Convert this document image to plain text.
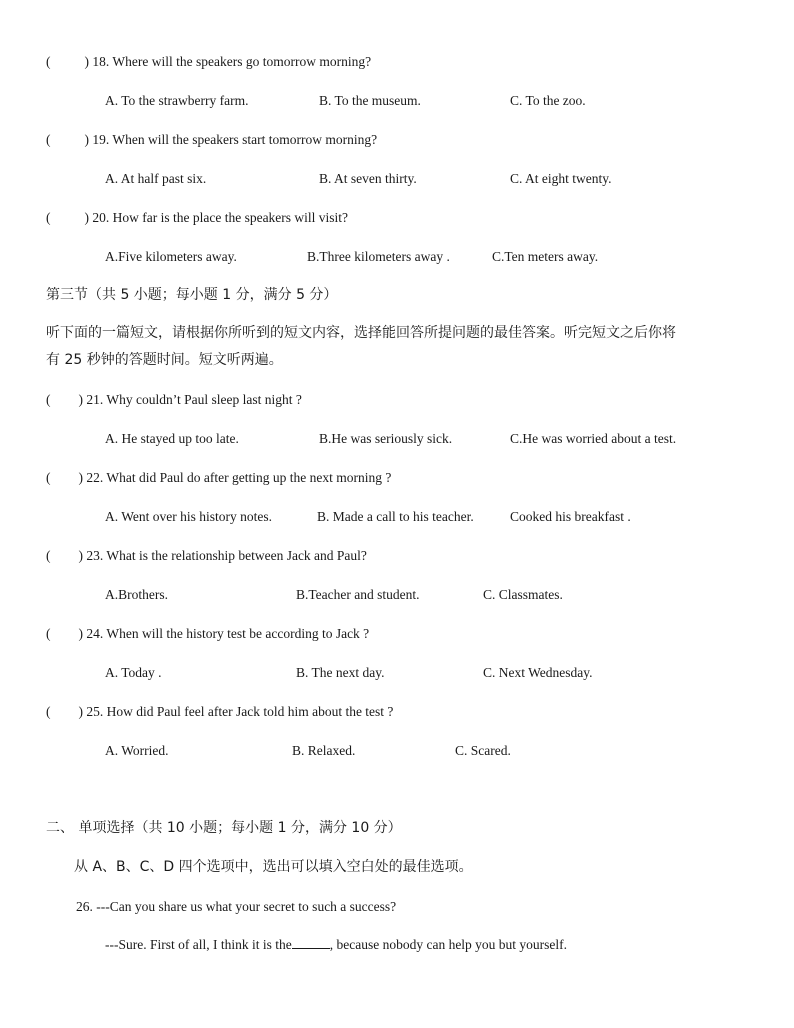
(	) 18. Where will the speakers go tomorrow morning?
A. To the strawberry farm.	B. To the museum.	C. To the zoo.
(	) 19. When will the speakers start tomorrow morning?
A. At half past six.	B. At seven thirty.	C. At eight twenty.
(	) 20. How far is the place the speakers will visit?
A.Five kilometers away.	B.Three kilometers away .	C.Ten meters away.
第三节（共 5 小题；每小题 1 分，满分 5 分）
听下面的一篇短文，请根据你所听到的短文内容，选择能回答所提问题的最佳答案。听完短文之后你将
有 25 秒钟的答题时间。短文听两遍。
( ) 21. Why couldn’t Paul sleep last night ?
A. He stayed up too late.	B.He was seriously sick.	C.He was worried about a test.
( ) 22. What did Paul do after getting up the next morning ?
A. Went over his history notes.	B. Made a call to his teacher.	Cooked his breakfast .
( ) 23. What is the relationship between Jack and Paul?
A.Brothers.	B.Teacher and student.	C. Classmates.
( ) 24. When will the history test be according to Jack ?
A. Today .	B. The next day.	C. Next Wednesday.
( ) 25. How did Paul feel after Jack told him about the test ?
A. Worried.	B. Relaxed.	C. Scared.
二、 单项选择（共 10 小题；每小题 1 分，满分 10 分）
从 A、B、C、D 四个选项中，选出可以填入空白处的最佳选项。
26. ---Can you share us what your secret to such a success?
---Sure. First of all, I think it is the	, because nobody can help you but yourself.
